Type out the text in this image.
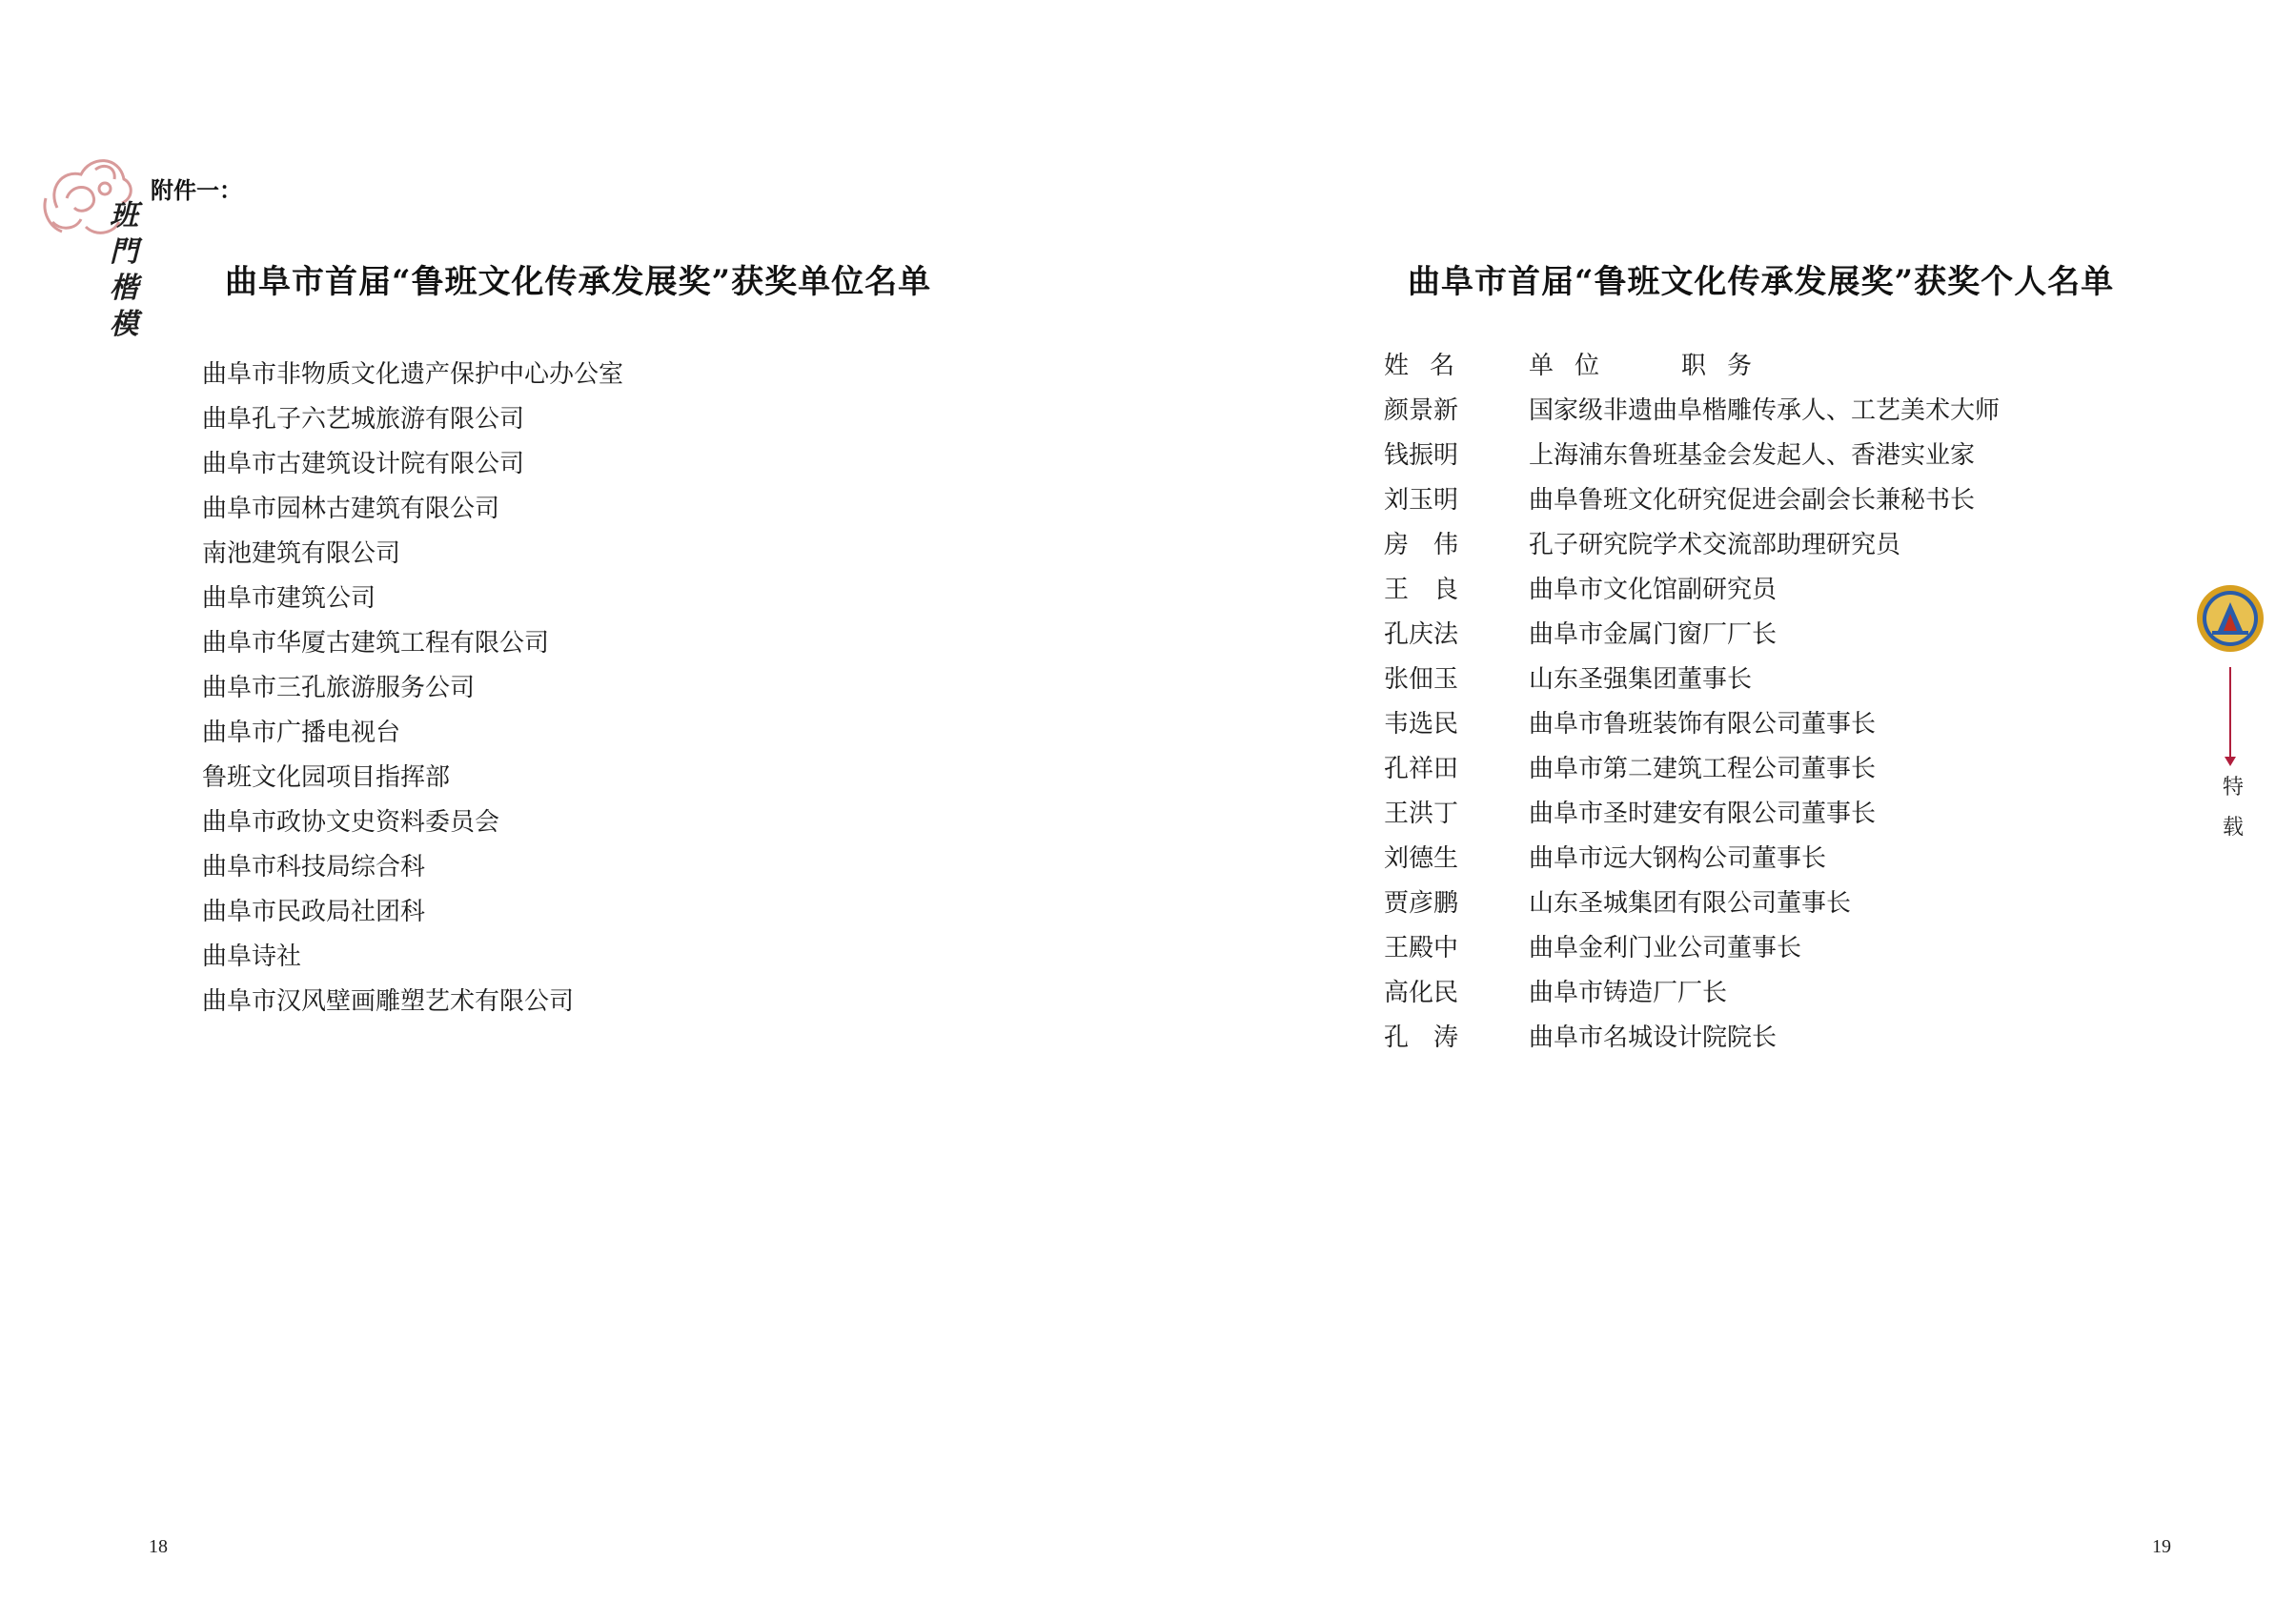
班
門
楷
模
附件一：
曲阜市首届“鲁班文化传承发展奖”获奖单位名单
曲阜市非物质文化遗产保护中心办公室
曲阜孔子六艺城旅游有限公司
曲阜市古建筑设计院有限公司
曲阜市园林古建筑有限公司
南池建筑有限公司
曲阜市建筑公司
曲阜市华厦古建筑工程有限公司
曲阜市三孔旅游服务公司
曲阜市广播电视台
鲁班文化园项目指挥部
曲阜市政协文史资料委员会
曲阜市科技局综合科
曲阜市民政局社团科
曲阜诗社
曲阜市汉风壁画雕塑艺术有限公司
18
曲阜市首届“鲁班文化传承发展奖”获奖个人名单
姓名	单位 职务
颜景新	国家级非遗曲阜楷雕传承人、工艺美术大师
钱振明	上海浦东鲁班基金会发起人、香港实业家
刘玉明	曲阜鲁班文化研究促进会副会长兼秘书长
房　伟	孔子研究院学术交流部助理研究员
王　良	曲阜市文化馆副研究员
孔庆法	曲阜市金属门窗厂厂长
张佃玉	山东圣强集团董事长
韦选民	曲阜市鲁班装饰有限公司董事长
孔祥田	曲阜市第二建筑工程公司董事长
王洪丁	曲阜市圣时建安有限公司董事长
刘德生	曲阜市远大钢构公司董事长
贾彦鹏	山东圣城集团有限公司董事长
王殿中	曲阜金利门业公司董事长
高化民	曲阜市铸造厂厂长
孔　涛	曲阜市名城设计院院长
特
载
19
